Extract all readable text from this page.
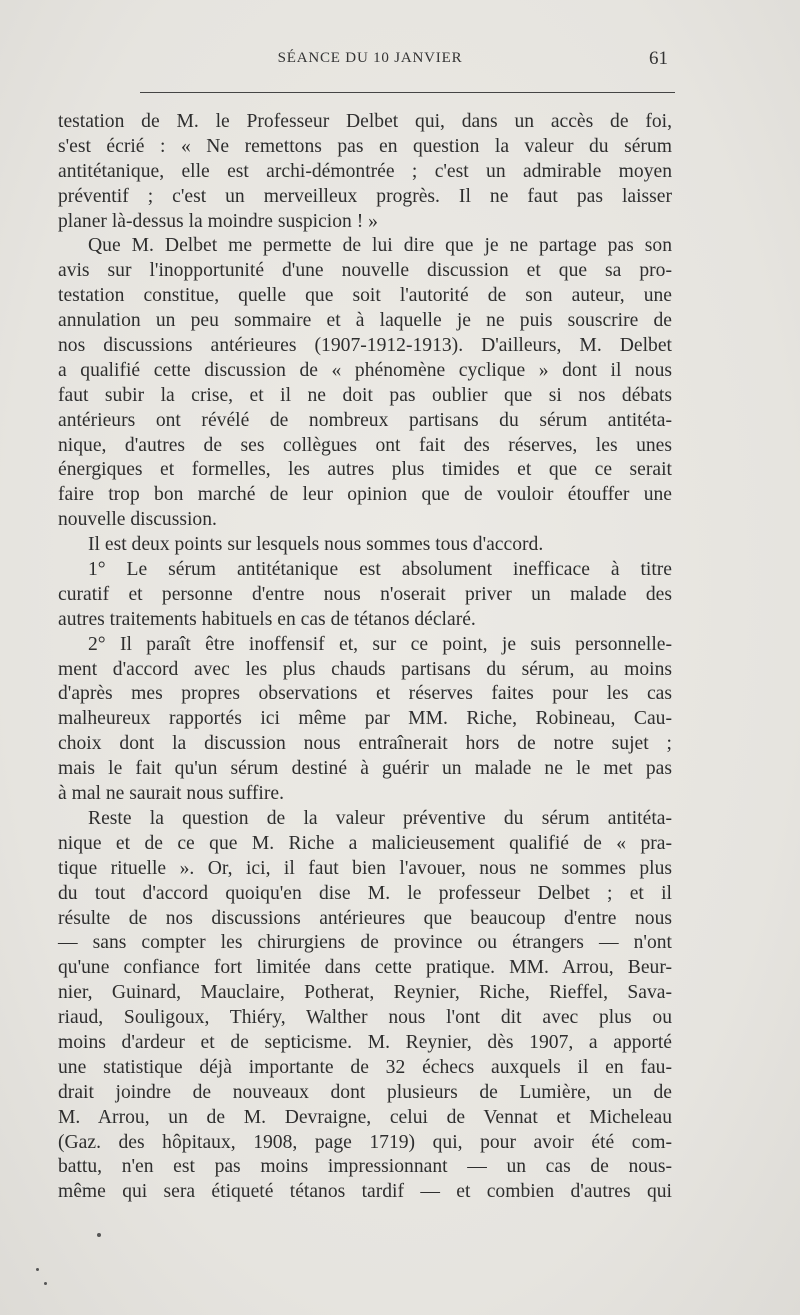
SÉANCE DU 10 JANVIER	61
testation de M. le Professeur Delbet qui, dans un accès de foi,
s'est écrié : « Ne remettons pas en question la valeur du sérum
antitétanique, elle est archi-démontrée ; c'est un admirable moyen
préventif ; c'est un merveilleux progrès. Il ne faut pas laisser
planer là-dessus la moindre suspicion ! »
Que M. Delbet me permette de lui dire que je ne partage pas son
avis sur l'inopportunité d'une nouvelle discussion et que sa pro-
testation constitue, quelle que soit l'autorité de son auteur, une
annulation un peu sommaire et à laquelle je ne puis souscrire de
nos discussions antérieures (1907-1912-1913). D'ailleurs, M. Delbet
a qualifié cette discussion de « phénomène cyclique » dont il nous
faut subir la crise, et il ne doit pas oublier que si nos débats
antérieurs ont révélé de nombreux partisans du sérum antitéta-
nique, d'autres de ses collègues ont fait des réserves, les unes
énergiques et formelles, les autres plus timides et que ce serait
faire trop bon marché de leur opinion que de vouloir étouffer une
nouvelle discussion.
Il est deux points sur lesquels nous sommes tous d'accord.
1° Le sérum antitétanique est absolument inefficace à titre
curatif et personne d'entre nous n'oserait priver un malade des
autres traitements habituels en cas de tétanos déclaré.
2° Il paraît être inoffensif et, sur ce point, je suis personnelle-
ment d'accord avec les plus chauds partisans du sérum, au moins
d'après mes propres observations et réserves faites pour les cas
malheureux rapportés ici même par MM. Riche, Robineau, Cau-
choix dont la discussion nous entraînerait hors de notre sujet ;
mais le fait qu'un sérum destiné à guérir un malade ne le met pas
à mal ne saurait nous suffire.
Reste la question de la valeur préventive du sérum antitéta-
nique et de ce que M. Riche a malicieusement qualifié de « pra-
tique rituelle ». Or, ici, il faut bien l'avouer, nous ne sommes plus
du tout d'accord quoiqu'en dise M. le professeur Delbet ; et il
résulte de nos discussions antérieures que beaucoup d'entre nous
— sans compter les chirurgiens de province ou étrangers — n'ont
qu'une confiance fort limitée dans cette pratique. MM. Arrou, Beur-
nier, Guinard, Mauclaire, Potherat, Reynier, Riche, Rieffel, Sava-
riaud, Souligoux, Thiéry, Walther nous l'ont dit avec plus ou
moins d'ardeur et de septicisme. M. Reynier, dès 1907, a apporté
une statistique déjà importante de 32 échecs auxquels il en fau-
drait joindre de nouveaux dont plusieurs de Lumière, un de
M. Arrou, un de M. Devraigne, celui de Vennat et Micheleau
(Gaz. des hôpitaux, 1908, page 1719) qui, pour avoir été com-
battu, n'en est pas moins impressionnant — un cas de nous-
même qui sera étiqueté tétanos tardif — et combien d'autres qui
